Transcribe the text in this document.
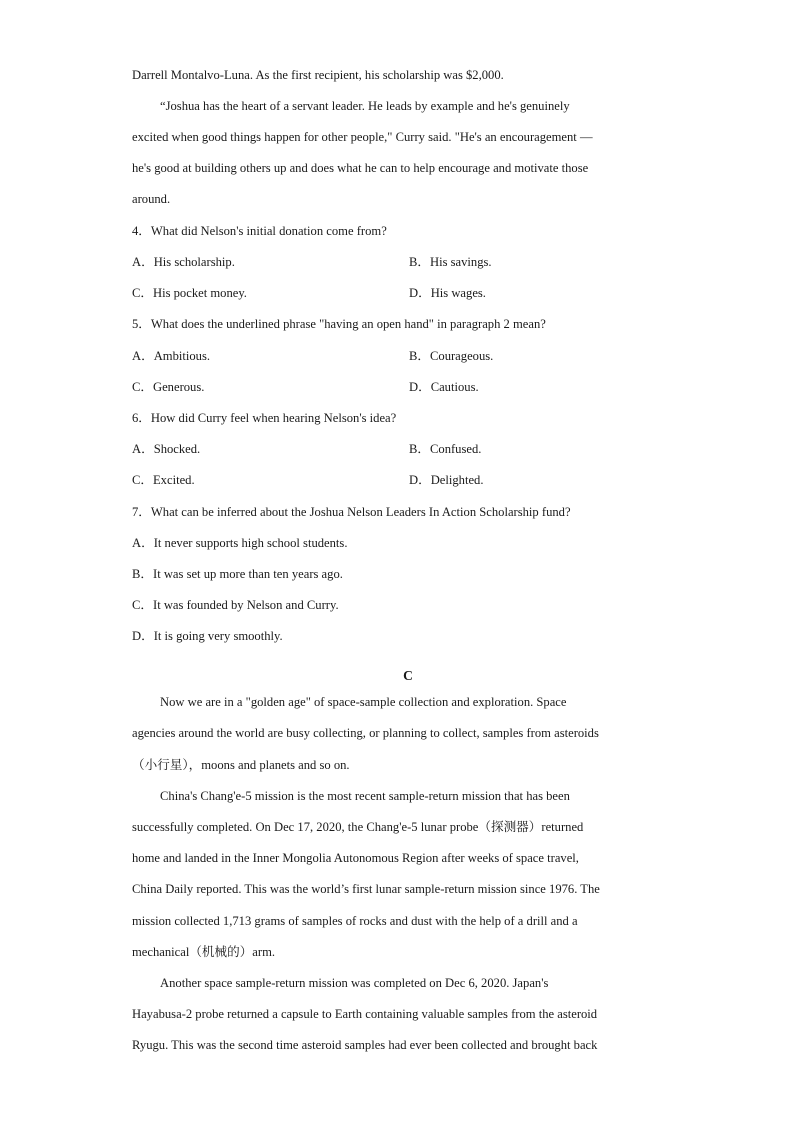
Darrell Montalvo-Luna. As the first recipient, his scholarship was $2,000.
“Joshua has the heart of a servant leader. He leads by example and he's genuinely
excited when good things happen for other people," Curry said. "He's an encouragement —
he's good at building others up and does what he can to help encourage and motivate those
around.
4．What did Nelson's initial donation come from?
A．His scholarship.	B．His savings.
C．His pocket money.	D．His wages.
5．What does the underlined phrase "having an open hand" in paragraph 2 mean?
A．Ambitious.	B．Courageous.
C．Generous.	D．Cautious.
6．How did Curry feel when hearing Nelson's idea?
A．Shocked.	B．Confused.
C．Excited.	D．Delighted.
7．What can be inferred about the Joshua Nelson Leaders In Action Scholarship fund?
A．It never supports high school students.
B．It was set up more than ten years ago.
C．It was founded by Nelson and Curry.
D．It is going very smoothly.
C
Now we are in a "golden age" of space-sample collection and exploration. Space
agencies around the world are busy collecting, or planning to collect, samples from asteroids
（小行星），moons and planets and so on.
China's Chang'e-5 mission is the most recent sample-return mission that has been
successfully completed. On Dec 17, 2020, the Chang'e-5 lunar probe（探测器）returned
home and landed in the Inner Mongolia Autonomous Region after weeks of space travel,
China Daily reported. This was the world’s first lunar sample-return mission since 1976. The
mission collected 1,713 grams of samples of rocks and dust with the help of a drill and a
mechanical（机械的）arm.
Another space sample-return mission was completed on Dec 6, 2020. Japan's
Hayabusa-2 probe returned a capsule to Earth containing valuable samples from the asteroid
Ryugu. This was the second time asteroid samples had ever been collected and brought back
